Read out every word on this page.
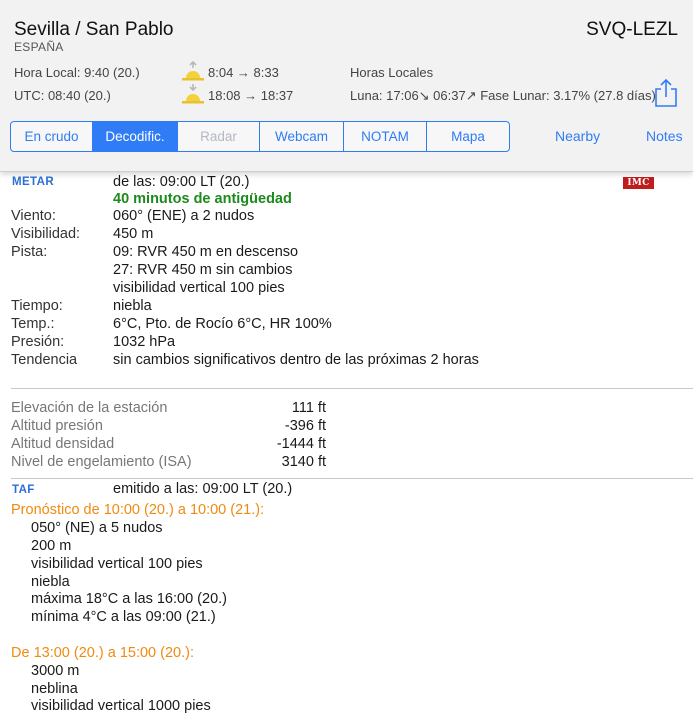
Sevilla / San Pablo
ESPAÑA
SVQ-LEZL
Hora Local: 9:40 (20.)
UTC: 08:40 (20.)
8:04 → 8:33
18:08 → 18:37
Horas Locales
Luna: 17:06↘ 06:37↗ Fase Lunar: 3.17% (27.8 días)
En crudo	Decodific.	Radar	Webcam	NOTAM	Mapa	Nearby	Notes
METAR	de las: 09:00 LT (20.)	IMC
40 minutos de antigüedad
Viento:	060° (ENE) a 2 nudos
Visibilidad: 450 m
Pista:	09: RVR 450 m en descenso
27: RVR 450 m sin cambios
visibilidad vertical 100 pies
Tiempo:	niebla
Temp.:	6°C, Pto. de Rocío 6°C, HR 100%
Presión:	1032 hPa
Tendencia sin cambios significativos dentro de las próximas 2 horas
Elevación de la estación	111 ft
Altitud presión	-396 ft
Altitud densidad	-1444 ft
Nivel de engelamiento (ISA)	3140 ft
TAF	emitido a las: 09:00 LT (20.)
Pronóstico de 10:00 (20.) a 10:00 (21.):
050° (NE) a 5 nudos
200 m
visibilidad vertical 100 pies
niebla
máxima 18°C a las 16:00 (20.)
mínima 4°C a las 09:00 (21.)
De 13:00 (20.) a 15:00 (20.):
3000 m
neblina
visibilidad vertical 1000 pies
